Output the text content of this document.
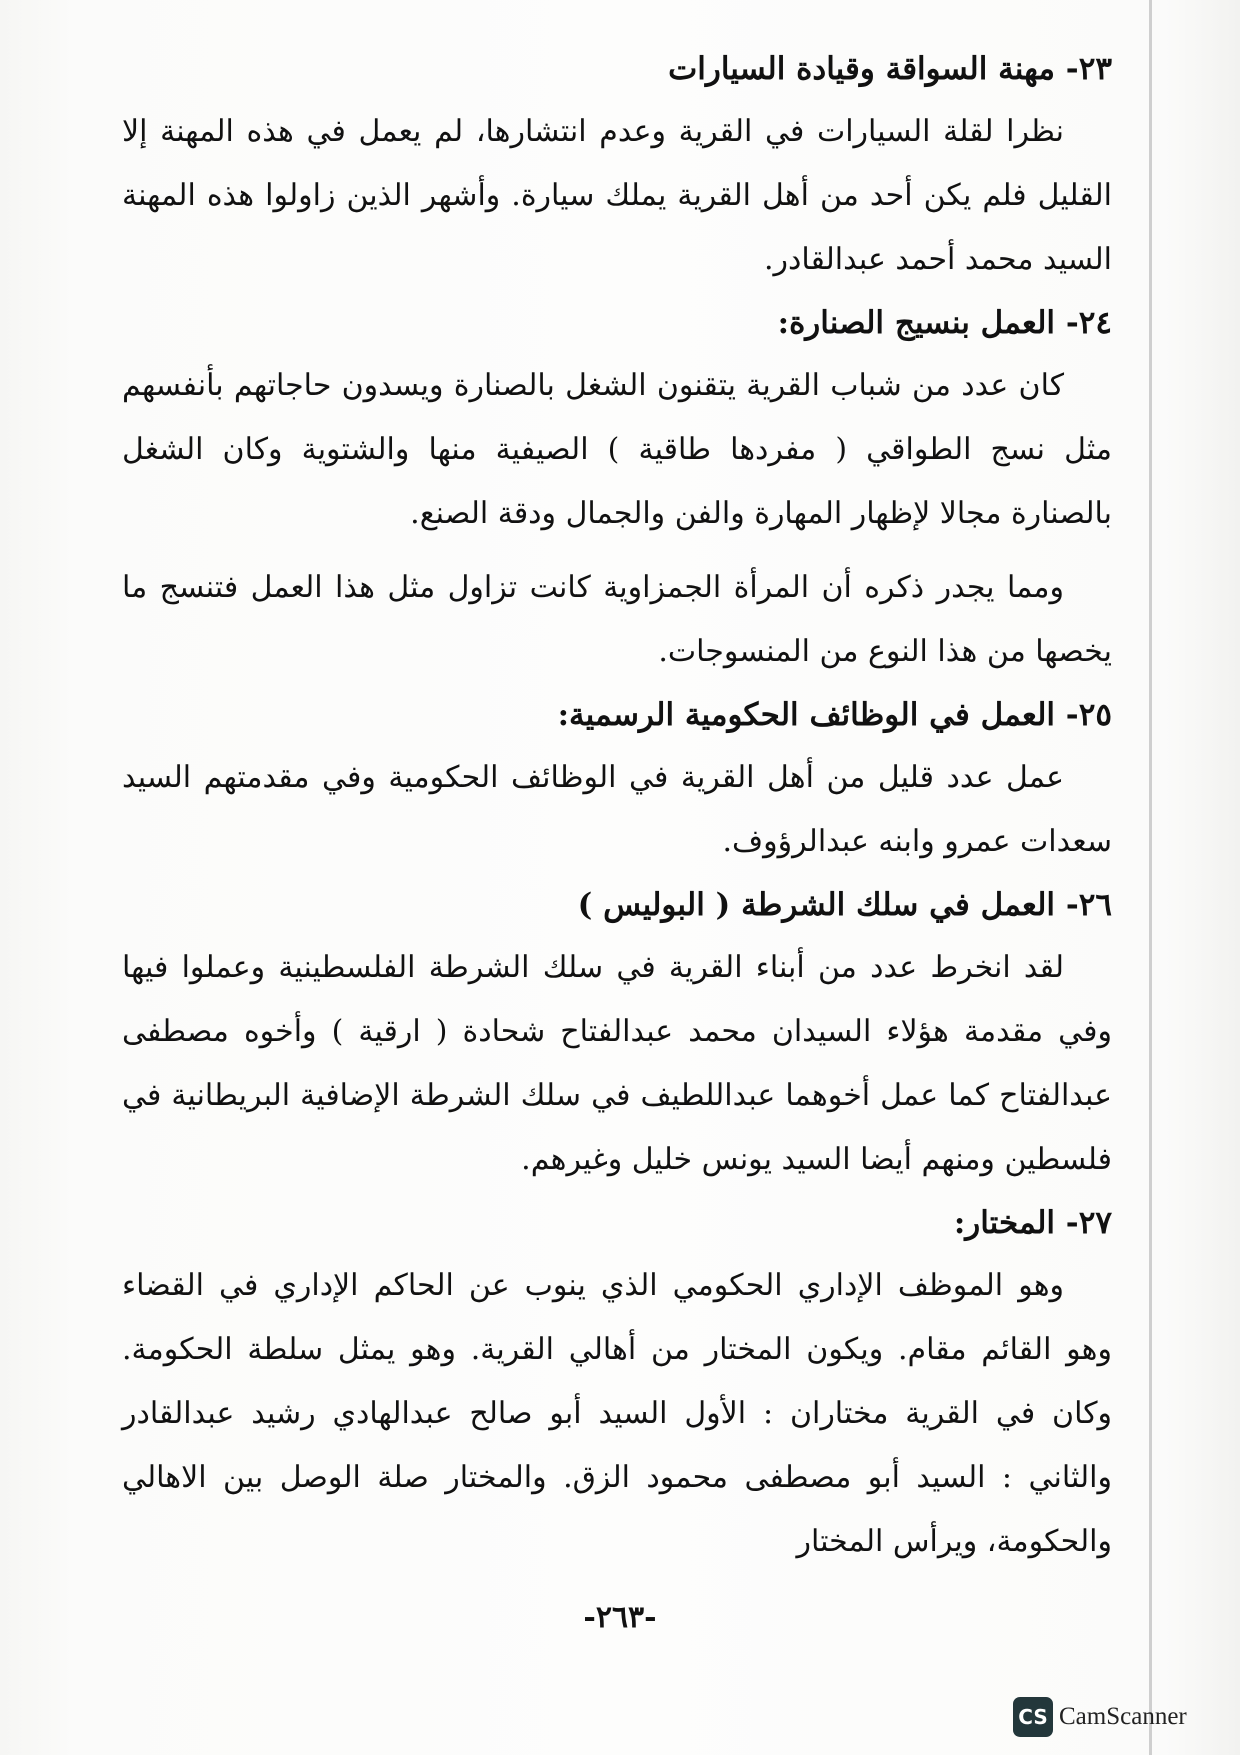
٢٣- مهنة السواقة وقيادة السيارات

نظرا لقلة السيارات في القرية وعدم انتشارها، لم يعمل في هذه المهنة إلا القليل فلم يكن أحد من أهل القرية يملك سيارة. وأشهر الذين زاولوا هذه المهنة السيد محمد أحمد عبدالقادر.

٢٤- العمل بنسيج الصنارة:

كان عدد من شباب القرية يتقنون الشغل بالصنارة ويسدون حاجاتهم بأنفسهم مثل نسج الطواقي ( مفردها طاقية ) الصيفية منها والشتوية وكان الشغل بالصنارة مجالا لإظهار المهارة والفن والجمال ودقة الصنع.

ومما يجدر ذكره أن المرأة الجمزاوية كانت تزاول مثل هذا العمل فتنسج ما يخصها من هذا النوع من المنسوجات.

٢٥- العمل في الوظائف الحكومية الرسمية:

عمل عدد قليل من أهل القرية في الوظائف الحكومية وفي مقدمتهم السيد سعدات عمرو وابنه عبدالرؤوف.

٢٦- العمل في سلك الشرطة ( البوليس )

لقد انخرط عدد من أبناء القرية في سلك الشرطة الفلسطينية وعملوا فيها وفي مقدمة هؤلاء السيدان محمد عبدالفتاح شحادة ( ارقية ) وأخوه مصطفى عبدالفتاح كما عمل أخوهما عبداللطيف في سلك الشرطة الإضافية البريطانية في فلسطين ومنهم أيضا السيد يونس خليل وغيرهم.

٢٧- المختار:

وهو الموظف الإداري الحكومي الذي ينوب عن الحاكم الإداري في القضاء وهو القائم مقام. ويكون المختار من أهالي القرية. وهو يمثل سلطة الحكومة. وكان في القرية مختاران : الأول السيد أبو صالح عبدالهادي رشيد عبدالقادر والثاني : السيد أبو مصطفى محمود الزق. والمختار صلة الوصل بين الاهالي والحكومة، ويرأس المختار

-٢٦٣-
CS CamScanner
